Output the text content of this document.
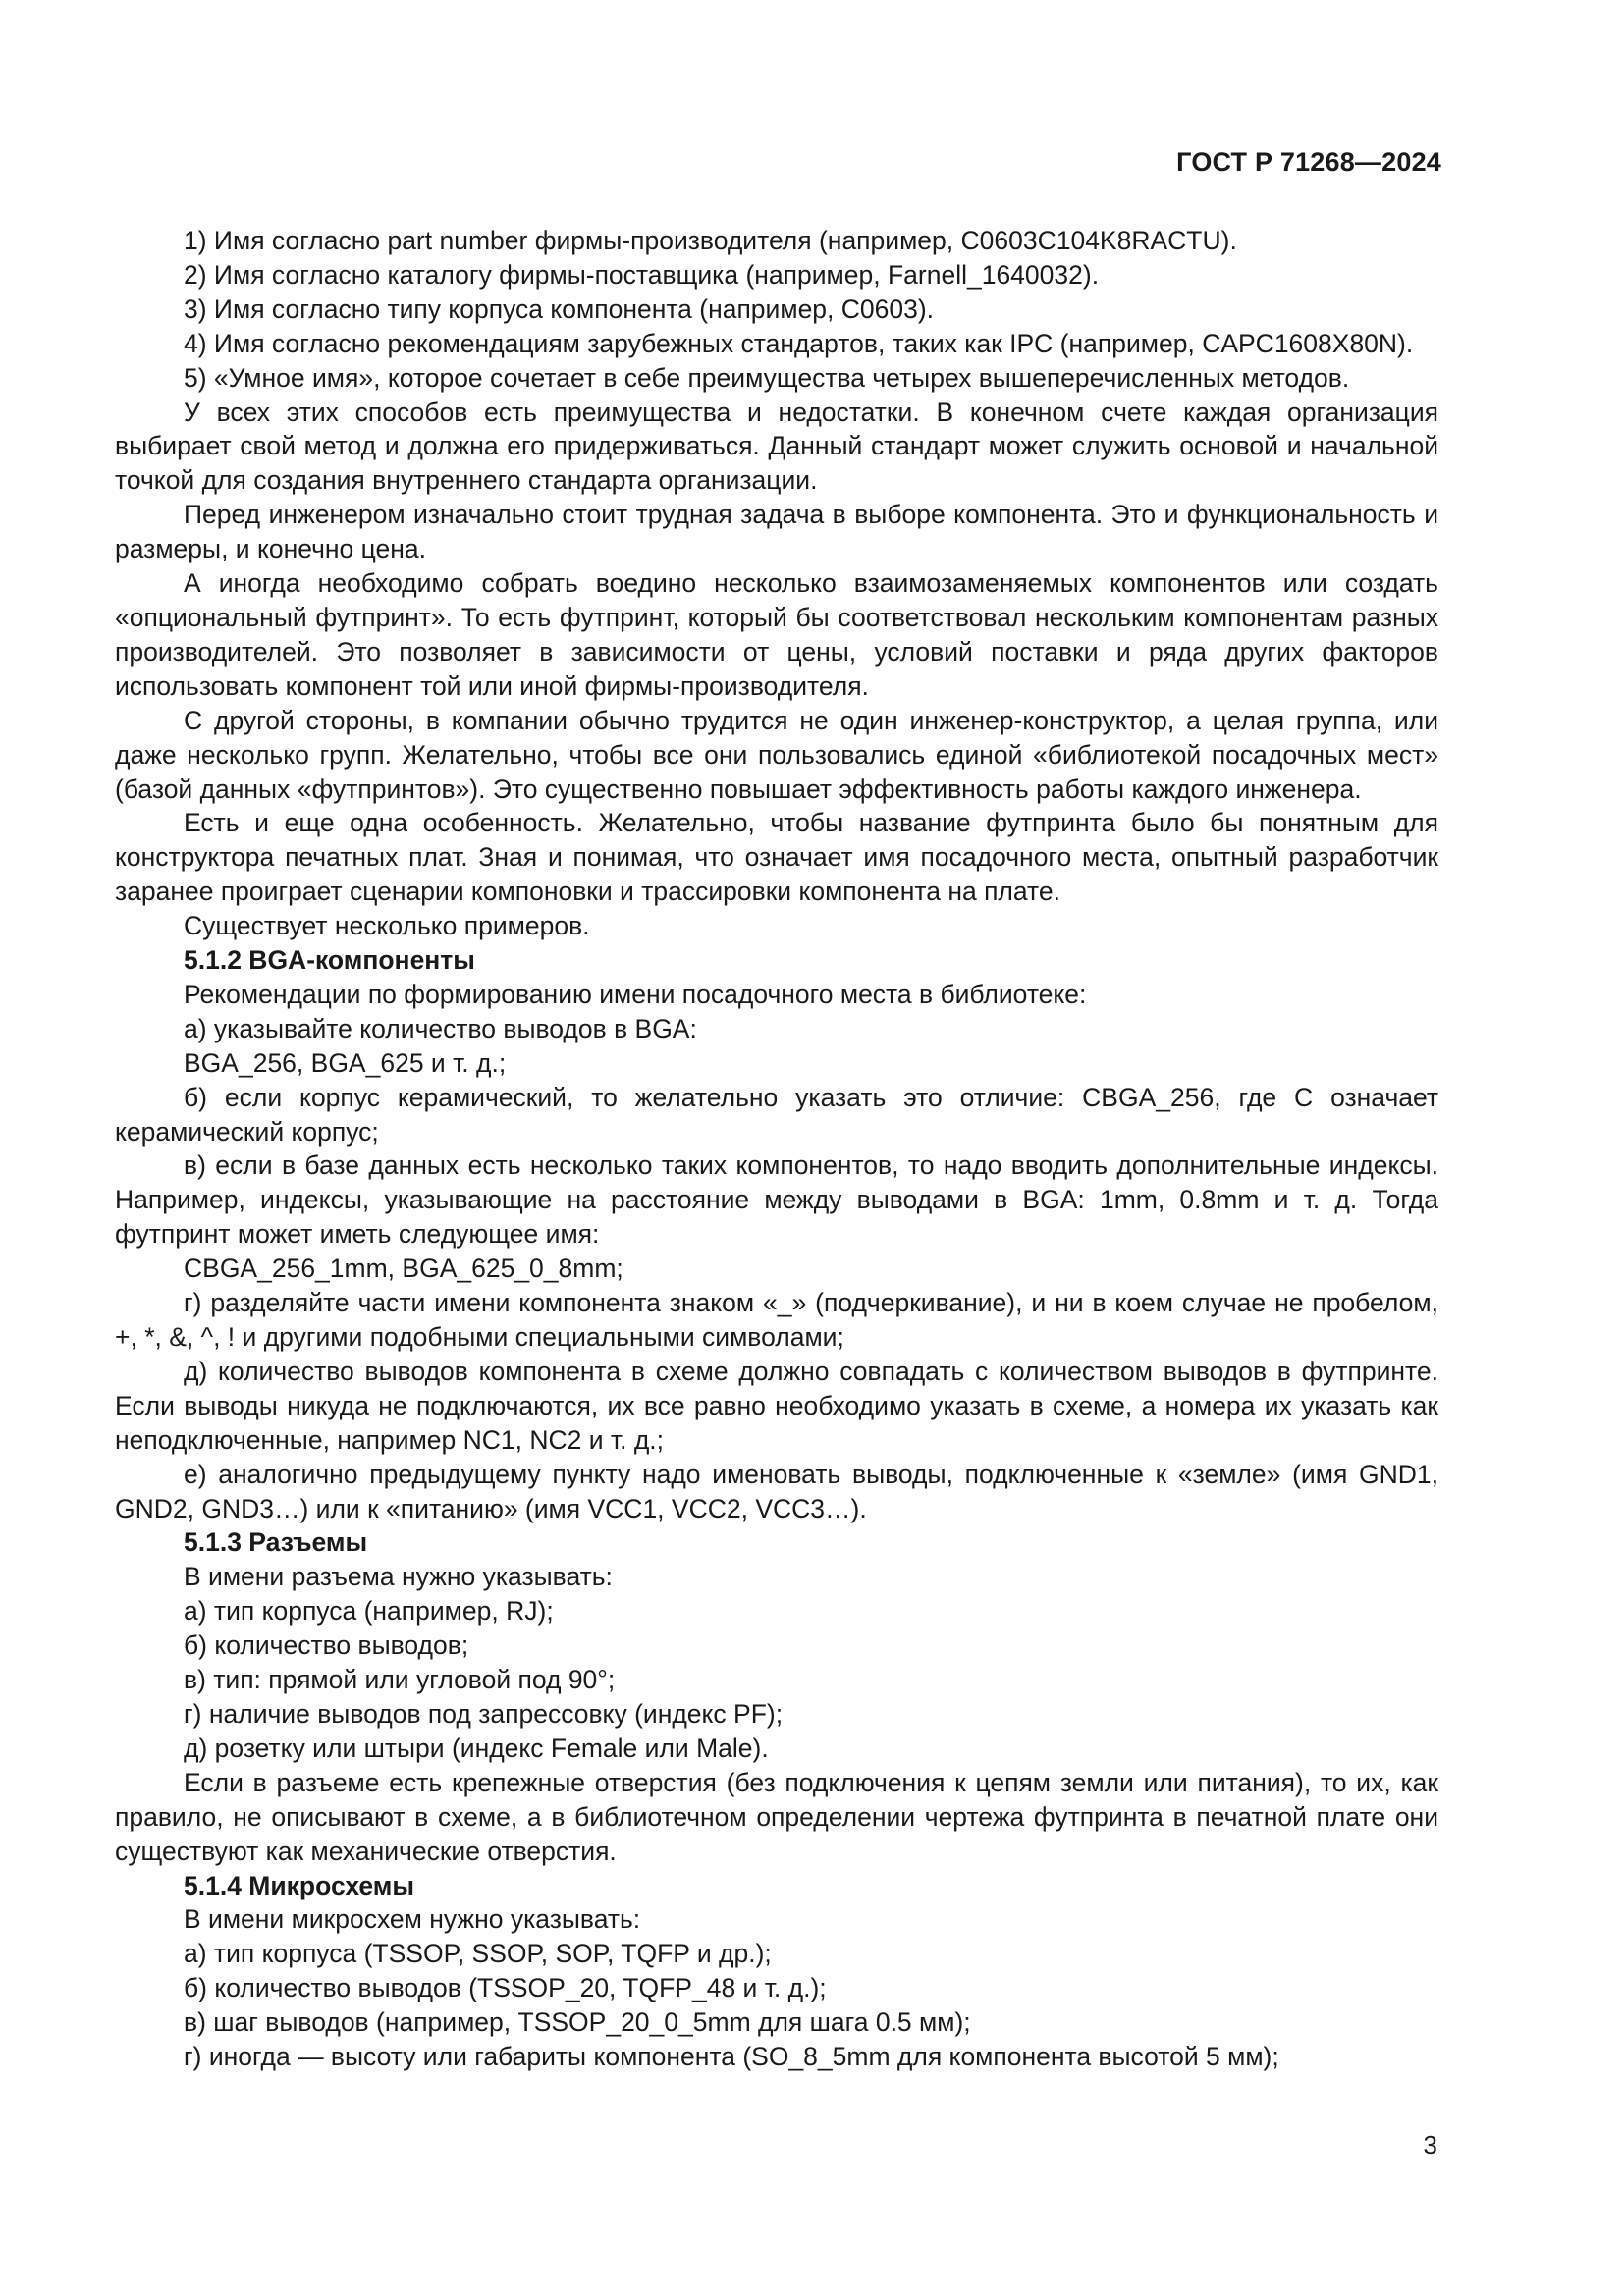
ГОСТ Р 71268—2024

1) Имя согласно part number фирмы-производителя (например, C0603C104K8RACTU).

2) Имя согласно каталогу фирмы-поставщика (например, Farnell_1640032).

3) Имя согласно типу корпуса компонента (например, C0603).

4) Имя согласно рекомендациям зарубежных стандартов, таких как IPC (например, CAPC1608X80N).

5) «Умное имя», которое сочетает в себе преимущества четырех вышеперечисленных методов.

У всех этих способов есть преимущества и недостатки. В конечном счете каждая организация выбирает свой метод и должна его придерживаться. Данный стандарт может служить основой и начальной точкой для создания внутреннего стандарта организации.

Перед инженером изначально стоит трудная задача в выборе компонента. Это и функциональность и размеры, и конечно цена.

А иногда необходимо собрать воедино несколько взаимозаменяемых компонентов или создать «опциональный футпринт». То есть футпринт, который бы соответствовал нескольким компонентам разных производителей. Это позволяет в зависимости от цены, условий поставки и ряда других факторов использовать компонент той или иной фирмы-производителя.

С другой стороны, в компании обычно трудится не один инженер-конструктор, а целая группа, или даже несколько групп. Желательно, чтобы все они пользовались единой «библиотекой посадочных мест» (базой данных «футпринтов»). Это существенно повышает эффективность работы каждого инженера.

Есть и еще одна особенность. Желательно, чтобы название футпринта было бы понятным для конструктора печатных плат. Зная и понимая, что означает имя посадочного места, опытный разработчик заранее проиграет сценарии компоновки и трассировки компонента на плате.

Существует несколько примеров.

5.1.2 BGA-компоненты

Рекомендации по формированию имени посадочного места в библиотеке:

а) указывайте количество выводов в BGA:

BGA_256, BGA_625 и т. д.;

б) если корпус керамический, то желательно указать это отличие: CBGA_256, где C означает керамический корпус;

в) если в базе данных есть несколько таких компонентов, то надо вводить дополнительные индексы. Например, индексы, указывающие на расстояние между выводами в BGA: 1mm, 0.8mm и т. д. Тогда футпринт может иметь следующее имя:

CBGA_256_1mm, BGA_625_0_8mm;

г) разделяйте части имени компонента знаком «_» (подчеркивание), и ни в коем случае не пробелом, +, *, &, ^, ! и другими подобными специальными символами;

д) количество выводов компонента в схеме должно совпадать с количеством выводов в футпринте. Если выводы никуда не подключаются, их все равно необходимо указать в схеме, а номера их указать как неподключенные, например NC1, NC2 и т. д.;

е) аналогично предыдущему пункту надо именовать выводы, подключенные к «земле» (имя GND1, GND2, GND3…) или к «питанию» (имя VCC1, VCC2, VCC3…).

5.1.3 Разъемы

В имени разъема нужно указывать:

а) тип корпуса (например, RJ);

б) количество выводов;

в) тип: прямой или угловой под 90°;

г) наличие выводов под запрессовку (индекс PF);

д) розетку или штыри (индекс Female или Male).

Если в разъеме есть крепежные отверстия (без подключения к цепям земли или питания), то их, как правило, не описывают в схеме, а в библиотечном определении чертежа футпринта в печатной плате они существуют как механические отверстия.

5.1.4 Микросхемы

В имени микросхем нужно указывать:

а) тип корпуса (TSSOP, SSOP, SOP, TQFP и др.);

б) количество выводов (TSSOP_20, TQFP_48 и т. д.);

в) шаг выводов (например, TSSOP_20_0_5mm для шага 0.5 мм);

г) иногда — высоту или габариты компонента (SO_8_5mm для компонента высотой 5 мм);

3
